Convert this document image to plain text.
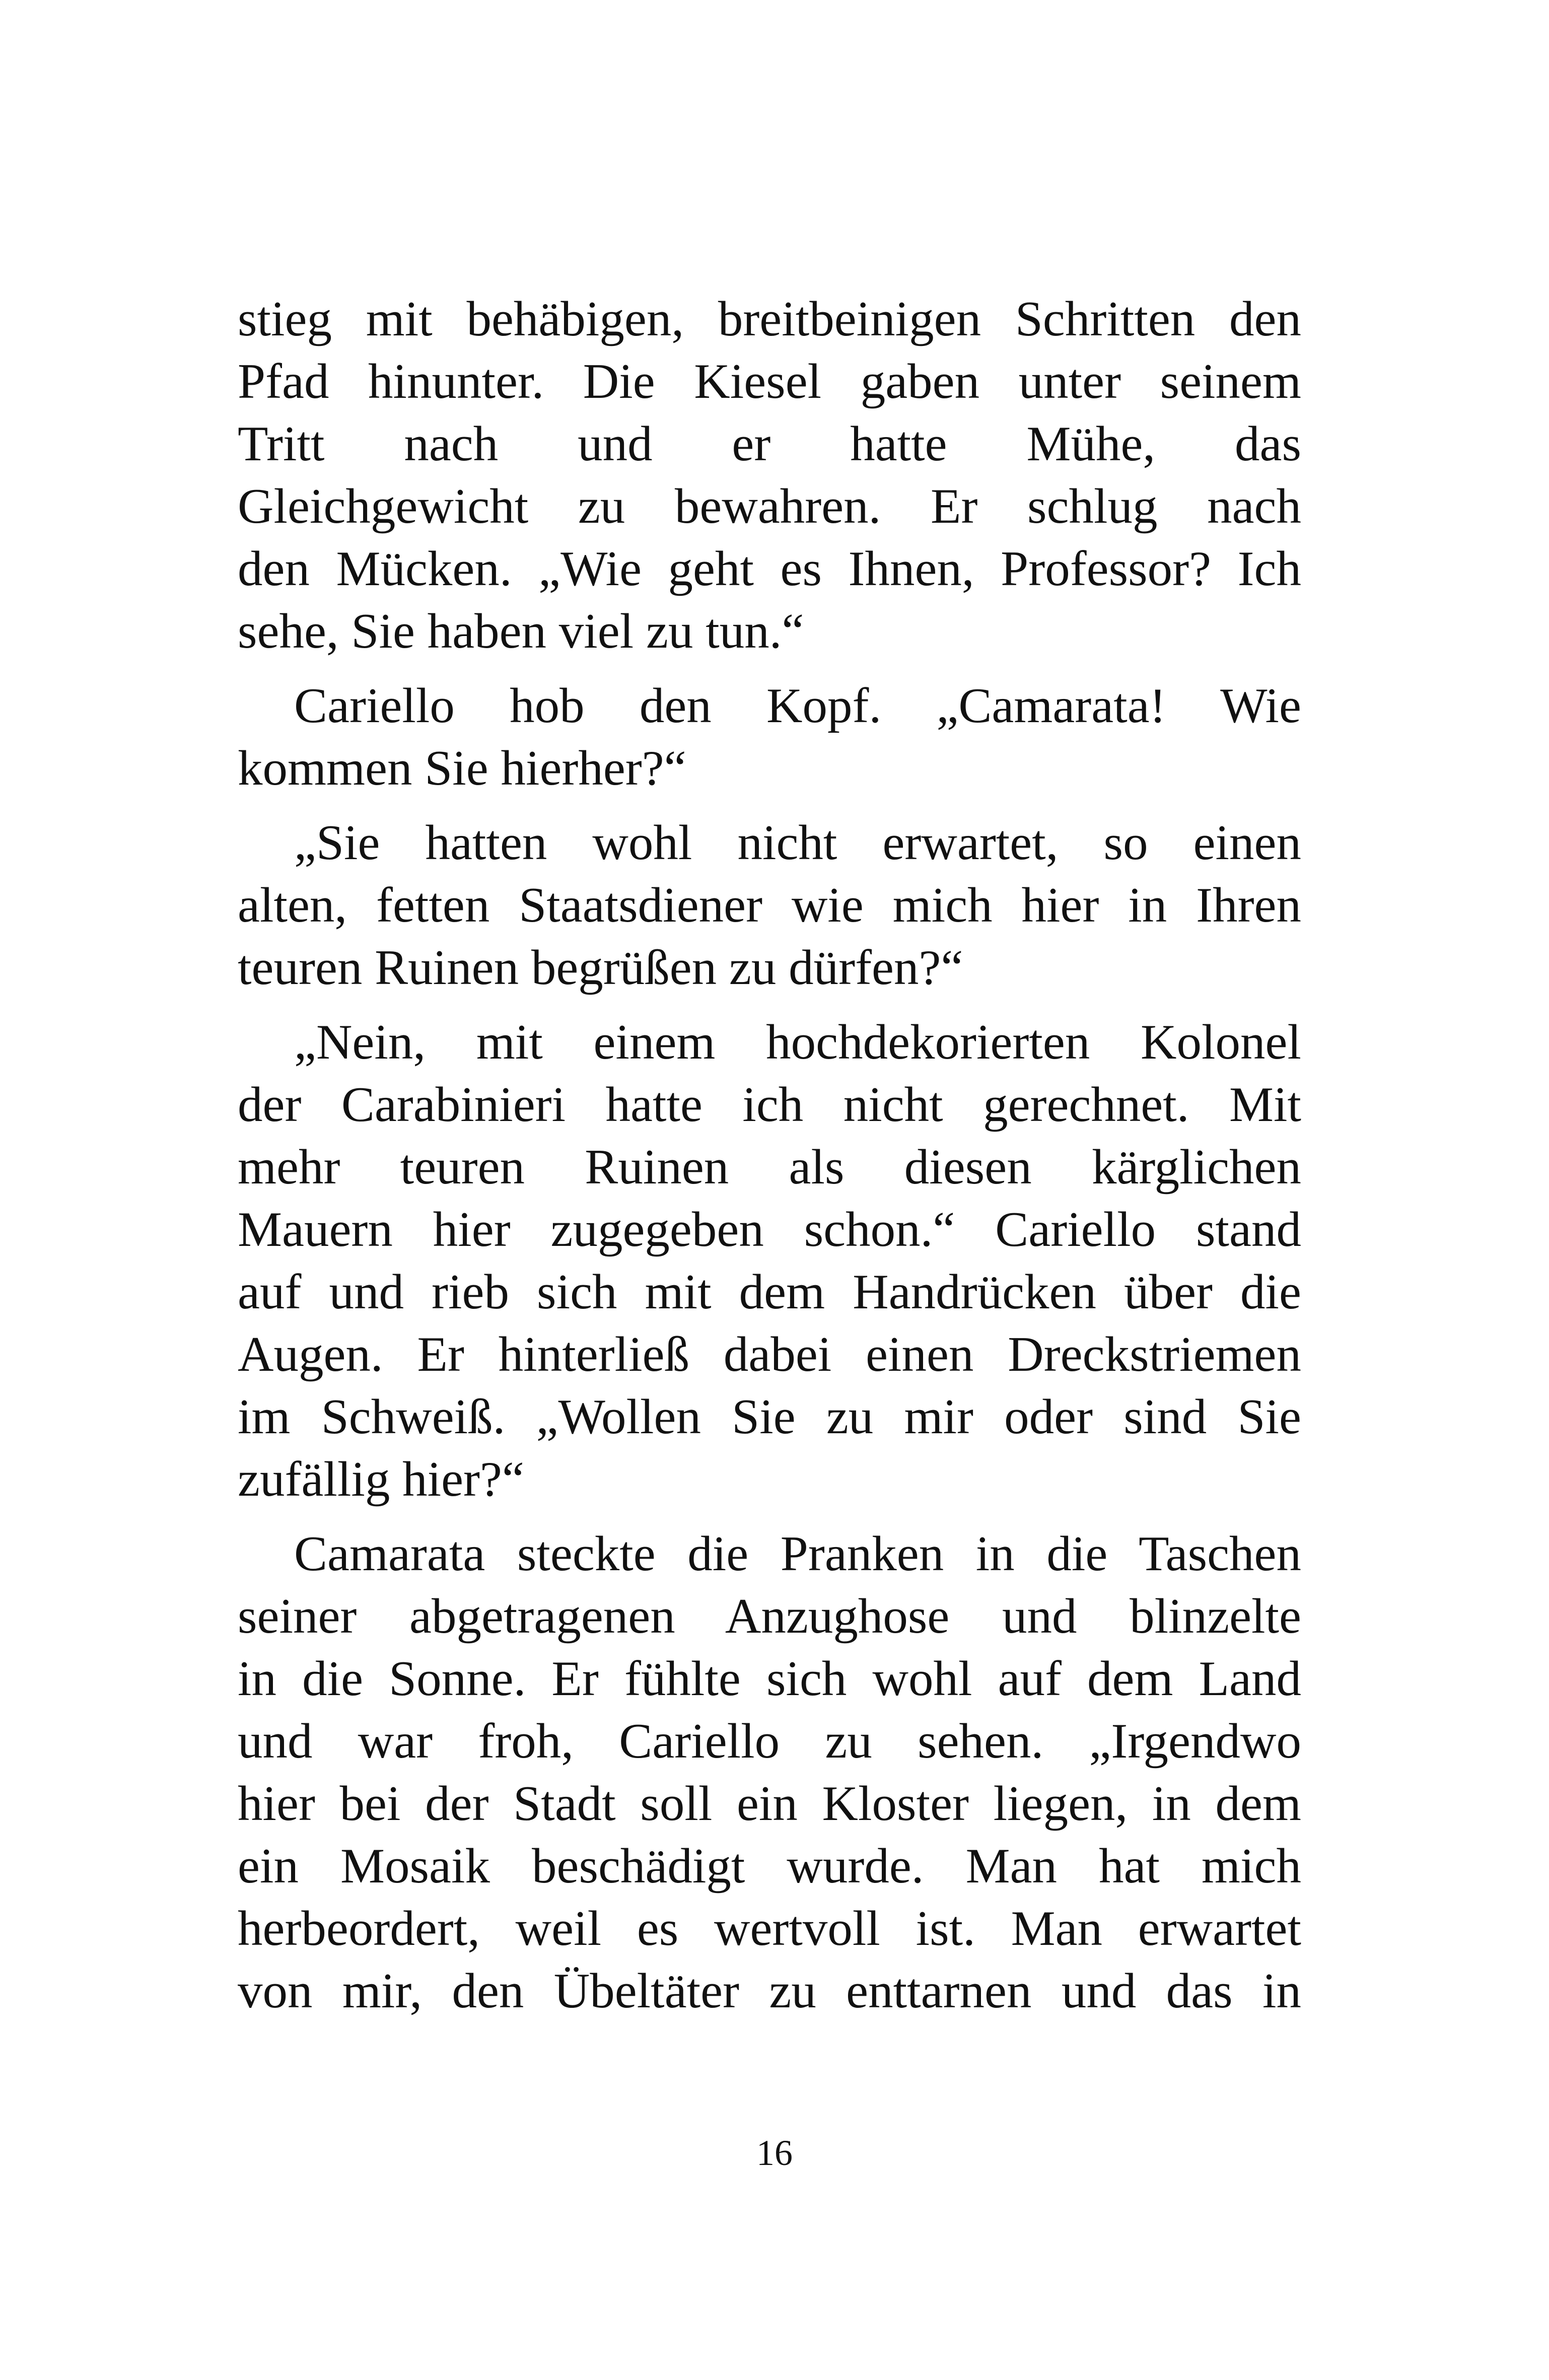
stieg mit behäbigen, breitbeinigen Schritten den
Pfad hinunter. Die Kiesel gaben unter seinem
Tritt nach und er hatte Mühe, das
Gleichgewicht zu bewahren. Er schlug nach
den Mücken. „Wie geht es Ihnen, Professor? Ich
sehe, Sie haben viel zu tun.“
Cariello hob den Kopf. „Camarata! Wie
kommen Sie hierher?“
„Sie hatten wohl nicht erwartet, so einen
alten, fetten Staatsdiener wie mich hier in Ihren
teuren Ruinen begrüßen zu dürfen?“
„Nein, mit einem hochdekorierten Kolonel
der Carabinieri hatte ich nicht gerechnet. Mit
mehr teuren Ruinen als diesen kärglichen
Mauern hier zugegeben schon.“ Cariello stand
auf und rieb sich mit dem Handrücken über die
Augen. Er hinterließ dabei einen Dreckstriemen
im Schweiß. „Wollen Sie zu mir oder sind Sie
zufällig hier?“
Camarata steckte die Pranken in die Taschen
seiner abgetragenen Anzughose und blinzelte
in die Sonne. Er fühlte sich wohl auf dem Land
und war froh, Cariello zu sehen. „Irgendwo
hier bei der Stadt soll ein Kloster liegen, in dem
ein Mosaik beschädigt wurde. Man hat mich
herbeordert, weil es wertvoll ist. Man erwartet
von mir, den Übeltäter zu enttarnen und das in
16
